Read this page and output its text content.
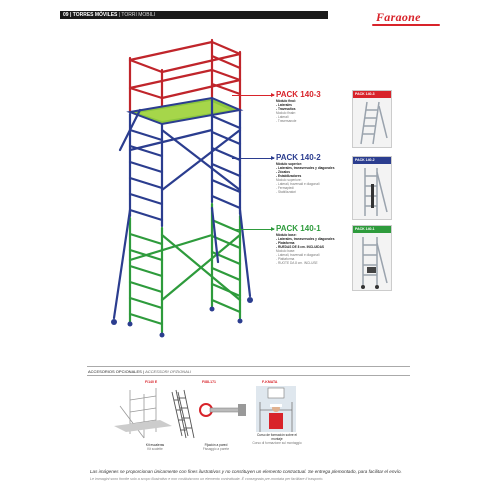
09 | TORRES MÓVILES | TORRI MOBILI	Faraone
PACK 140-3
Módulo final:
- Laterales
- Travesaños
Modulo finale:
- Laterali
- Traversanole
PACK 140-2
Módulo superior:
- Laterales, transversales y diagonales
- Zócalos
- Estabilizadores
Modulo superiore:
- Laterali, traversali e diagonali
- Fermapiedi
- Stabilizzatori
PACK 140-1
Módulo base:
- Laterales, transversales y diagonales
- Plataforma
- RUEDAS DE 8 cm. INCLUIDAS
Modulo base:
- Laterali, traversali e diagonali
- Piattaforma
- RUOTE DA 8 cm. INCLUSE
PACK 140-3
PACK 140-2
PACK 140-1
ACCESORIOS OPCIONALES | ACCESSORI OPZIONALI
F/140 E	F/88-171	F-KMATA
Kit escaleras
Kit scalette
Fijación a pared
Fissaggio a parete
Curso de formación sobre el montaje
Corso di formazione sul montaggio
Las imágenes se proporcionan únicamente con fines ilustrativos y no constituyen un elemento contractual. Se entrega plemontado, para facilitar el envío.
Le immagini sono fornite solo a scopo illustrativo e non costituiscono un elemento contrattuale. È consegnata pre-montata per facilitare il trasporto.
